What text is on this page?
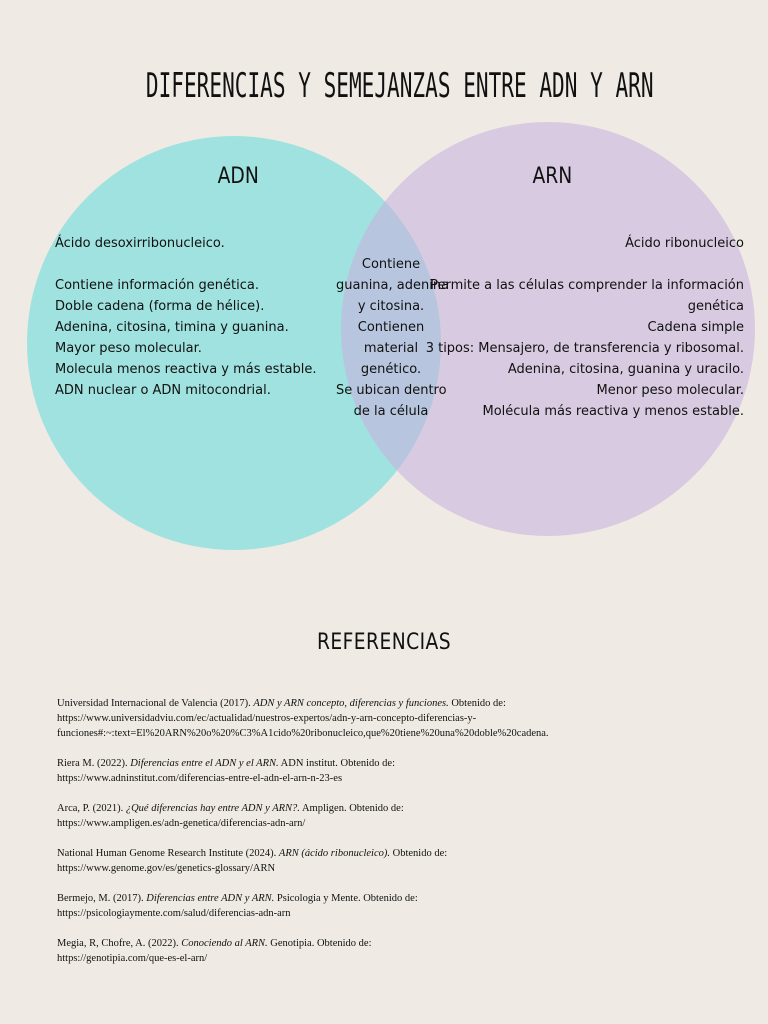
DIFERENCIAS Y SEMEJANZAS ENTRE ADN Y ARN
ADN	ARN
Ácido desoxirribonucleico.
Contiene información genética.
Doble cadena (forma de hélice).
Adenina, citosina, timina y guanina.
Mayor peso molecular.
Molecula menos reactiva y más estable.
ADN nuclear o ADN mitocondrial.
Contiene
guanina, adenina
y citosina.
Contienen
material
genético.
Se ubican dentro
de la célula
Ácido ribonucleico
Permite a las células comprender la información
genética
Cadena simple
3 tipos: Mensajero, de transferencia y ribosomal.
Adenina, citosina, guanina y uracilo.
Menor peso molecular.
Molécula más reactiva y menos estable.
REFERENCIAS
Universidad Internacional de Valencia (2017). ADN y ARN concepto, diferencias y funciones. Obtenido de:
https://www.universidadviu.com/ec/actualidad/nuestros-expertos/adn-y-arn-concepto-diferencias-y-
funciones#:~:text=El%20ARN%20o%20%C3%A1cido%20ribonucleico,que%20tiene%20una%20doble%20cadena.
Riera M. (2022). Diferencias entre el ADN y el ARN. ADN institut. Obtenido de:
https://www.adninstitut.com/diferencias-entre-el-adn-el-arn-n-23-es
Arca, P. (2021). ¿Qué diferencias hay entre ADN y ARN?. Ampligen. Obtenido de:
https://www.ampligen.es/adn-genetica/diferencias-adn-arn/
National Human Genome Research Institute (2024). ARN (ácido ribonucleico). Obtenido de:
https://www.genome.gov/es/genetics-glossary/ARN
Bermejo, M. (2017). Diferencias entre ADN y ARN. Psicologia y Mente. Obtenido de:
https://psicologiaymente.com/salud/diferencias-adn-arn
Megia, R, Chofre, A. (2022). Conociendo al ARN. Genotipia. Obtenido de:
https://genotipia.com/que-es-el-arn/
